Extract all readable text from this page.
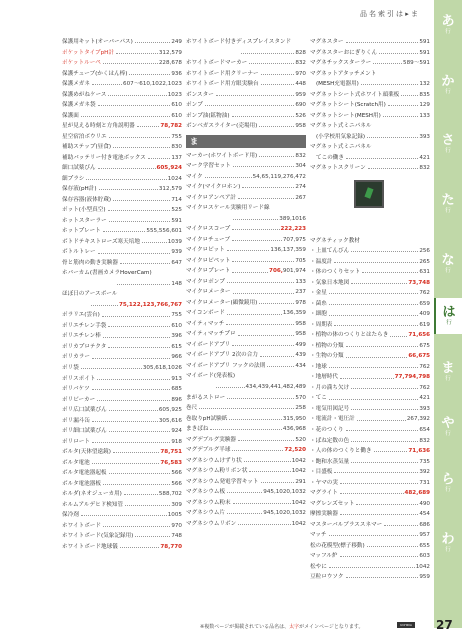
品名索引 は ▸ ま
保護用キット(オーバーパス)	249
ポケットタイプpH計	312,579
ポケットルーペ	228,678
保護チューブ(かくはん棒)	936
保護メガネ	607〜610,1022,1023
保護めがねケース	1023
保護メガネ袋	610
保護面	610
星が見える時刻と方角説明器	78,782
星空宿泊ボウリエ	755
補助ステップ(昼食)	830
補助バッテリー付き電池ボックス	137
細口試薬びん	605,924
細プラシ	1024
保存液(pH計)	312,579
保存容器(液体貯蔵)	714
ポット(小型真空)	525
ホットスターラー	591
ホットプレート	555,556,601
ボトドテキストローズ寒天培地	1039
ボトルトレー	939
骨と筋肉の動き実験器	647
ホバーカム(書画カメラHoverCam)
148
ほぼ日のアースボール
75,122,123,766,767
ポラリエ(雲台)	755
ポリエチレン手袋	610
ポリエチレン棒	396
ポリカプロテクタ	615
ポリカラー	966
ポリ袋	305,618,1026
ポリスポイト	913
ポリバケツ	685
ポリビーカー	896
ポリ広口試薬びん	605,925
ポリ漏斗缶	305,616
ポリ細口試薬びん	924
ポリロート	918
ボルタ(天体望遠鏡)	78,751
ボルタ電池	76,583
ボルタ電池器起板	566
ボルタ電池器板	566
ホルダ(ネオジューカ用)	588,702
ホルムアルデヒド検知管	309
保冷剤	1005
ホワイトボード	970
ホワイトボード(気象記録用)	748
ホワイトボード地球儀	78,770
ホワイトボード付きディスプレイスタンド
828
ホワイトボードマーカー	832
ホワイトボード用クリーナー	970
ホワイトボード用方眼実験台	448
ボンスター	959
ポンプ	690
ポンプ油(鉱物油)	526
ボンベガスライター(売場用)	958
ま
マーカー(ホワイトボード用)	832
マーク学習セット	304
マイク	54,65,119,276,472
マイク(マイクロホン)	274
マイクロアンペア計	267
マイクロスケール実験用リード線
389,1016
マイクロスコープ	222,223
マイクロチューブ	707,975
マイクロピット	136,137,359
マイクロピペット	705
マイクロプレート	706,901,974
マイクロポンプ	133
マイクロメーター	237
マイクロメーター(顕微鏡用)	978
マイコンボード	136,359
マイティマッチ	958
マイティマッチプロ	958
マイボードアプリ	499
マイボードアプリ 2次の合力	439
マイボードアプリ フックの法則	434
マイボード(発表板)
434,439,441,482,489
まがるストロー	570
巻尺	258
巻取りpH試験紙	315,950
まきばね	436,968
マグデブルグ実験器	520
マグデブルグ半球	72,520
マグネシウムけずり状	1042
マグネシウム粉リボン状	1042
マグネシウム発電学習キット	291
マグネシウム板	945,1020,1032
マグネシウム粉末	1042
マグネシウム片	945,1020,1032
マグネシウムリボン	1042
マグネスター	591
マグネスターおにぎりくん	591
マグネチックスターラー	589〜591
マグネットアタッチメント
(MESH充電器用)	132
マグネットシート式ホワイト頭薬板	835
マグネットシート(Scratch用)	129
マグネットシート(MESH用)	133
マグネット式ミニパネル
(小学校用気象記録)	393
マグネット式ミニパネル
てこの働き	421
マグネットスクリーン	832
マグネティック教材
・上皿てんびん	256
・温度計	265
・体のつくりセット	631
・気象日本地図	73,748
・金星	762
・菌糸	659
・細胞	409
・周期表	619
・植物の体のつくりとはたらき	71,656
・植物の分類	675
・生物の分類	66,675
・地球	762
・地層時代	77,794,798
・月の満ち欠け	762
・てこ	421
・電気用図記号	393
・電流計・電圧計	267,392
・花のつくり	654
・ばね定数の色	832
・人の体のつくりと働き	71,636
・飽和水蒸気量	735
・目盛板	392
・ヤマの実	731
マグライト	482,689
マグレンズセット	490
摩擦実験器	454
マスターバルブラススネマー	686
マッチ	957
松の花模型(標子移動)	655
マッフル炉	603
松やに	1042
豆粒ロウソク	959
あ
行
か
行
さ
行
た
行
な
行
は
行
ま
行
や
行
ら
行
わ
行
※複数ページが掲載されている品名は、太字がメインページとなります。	UCHIDA 27
